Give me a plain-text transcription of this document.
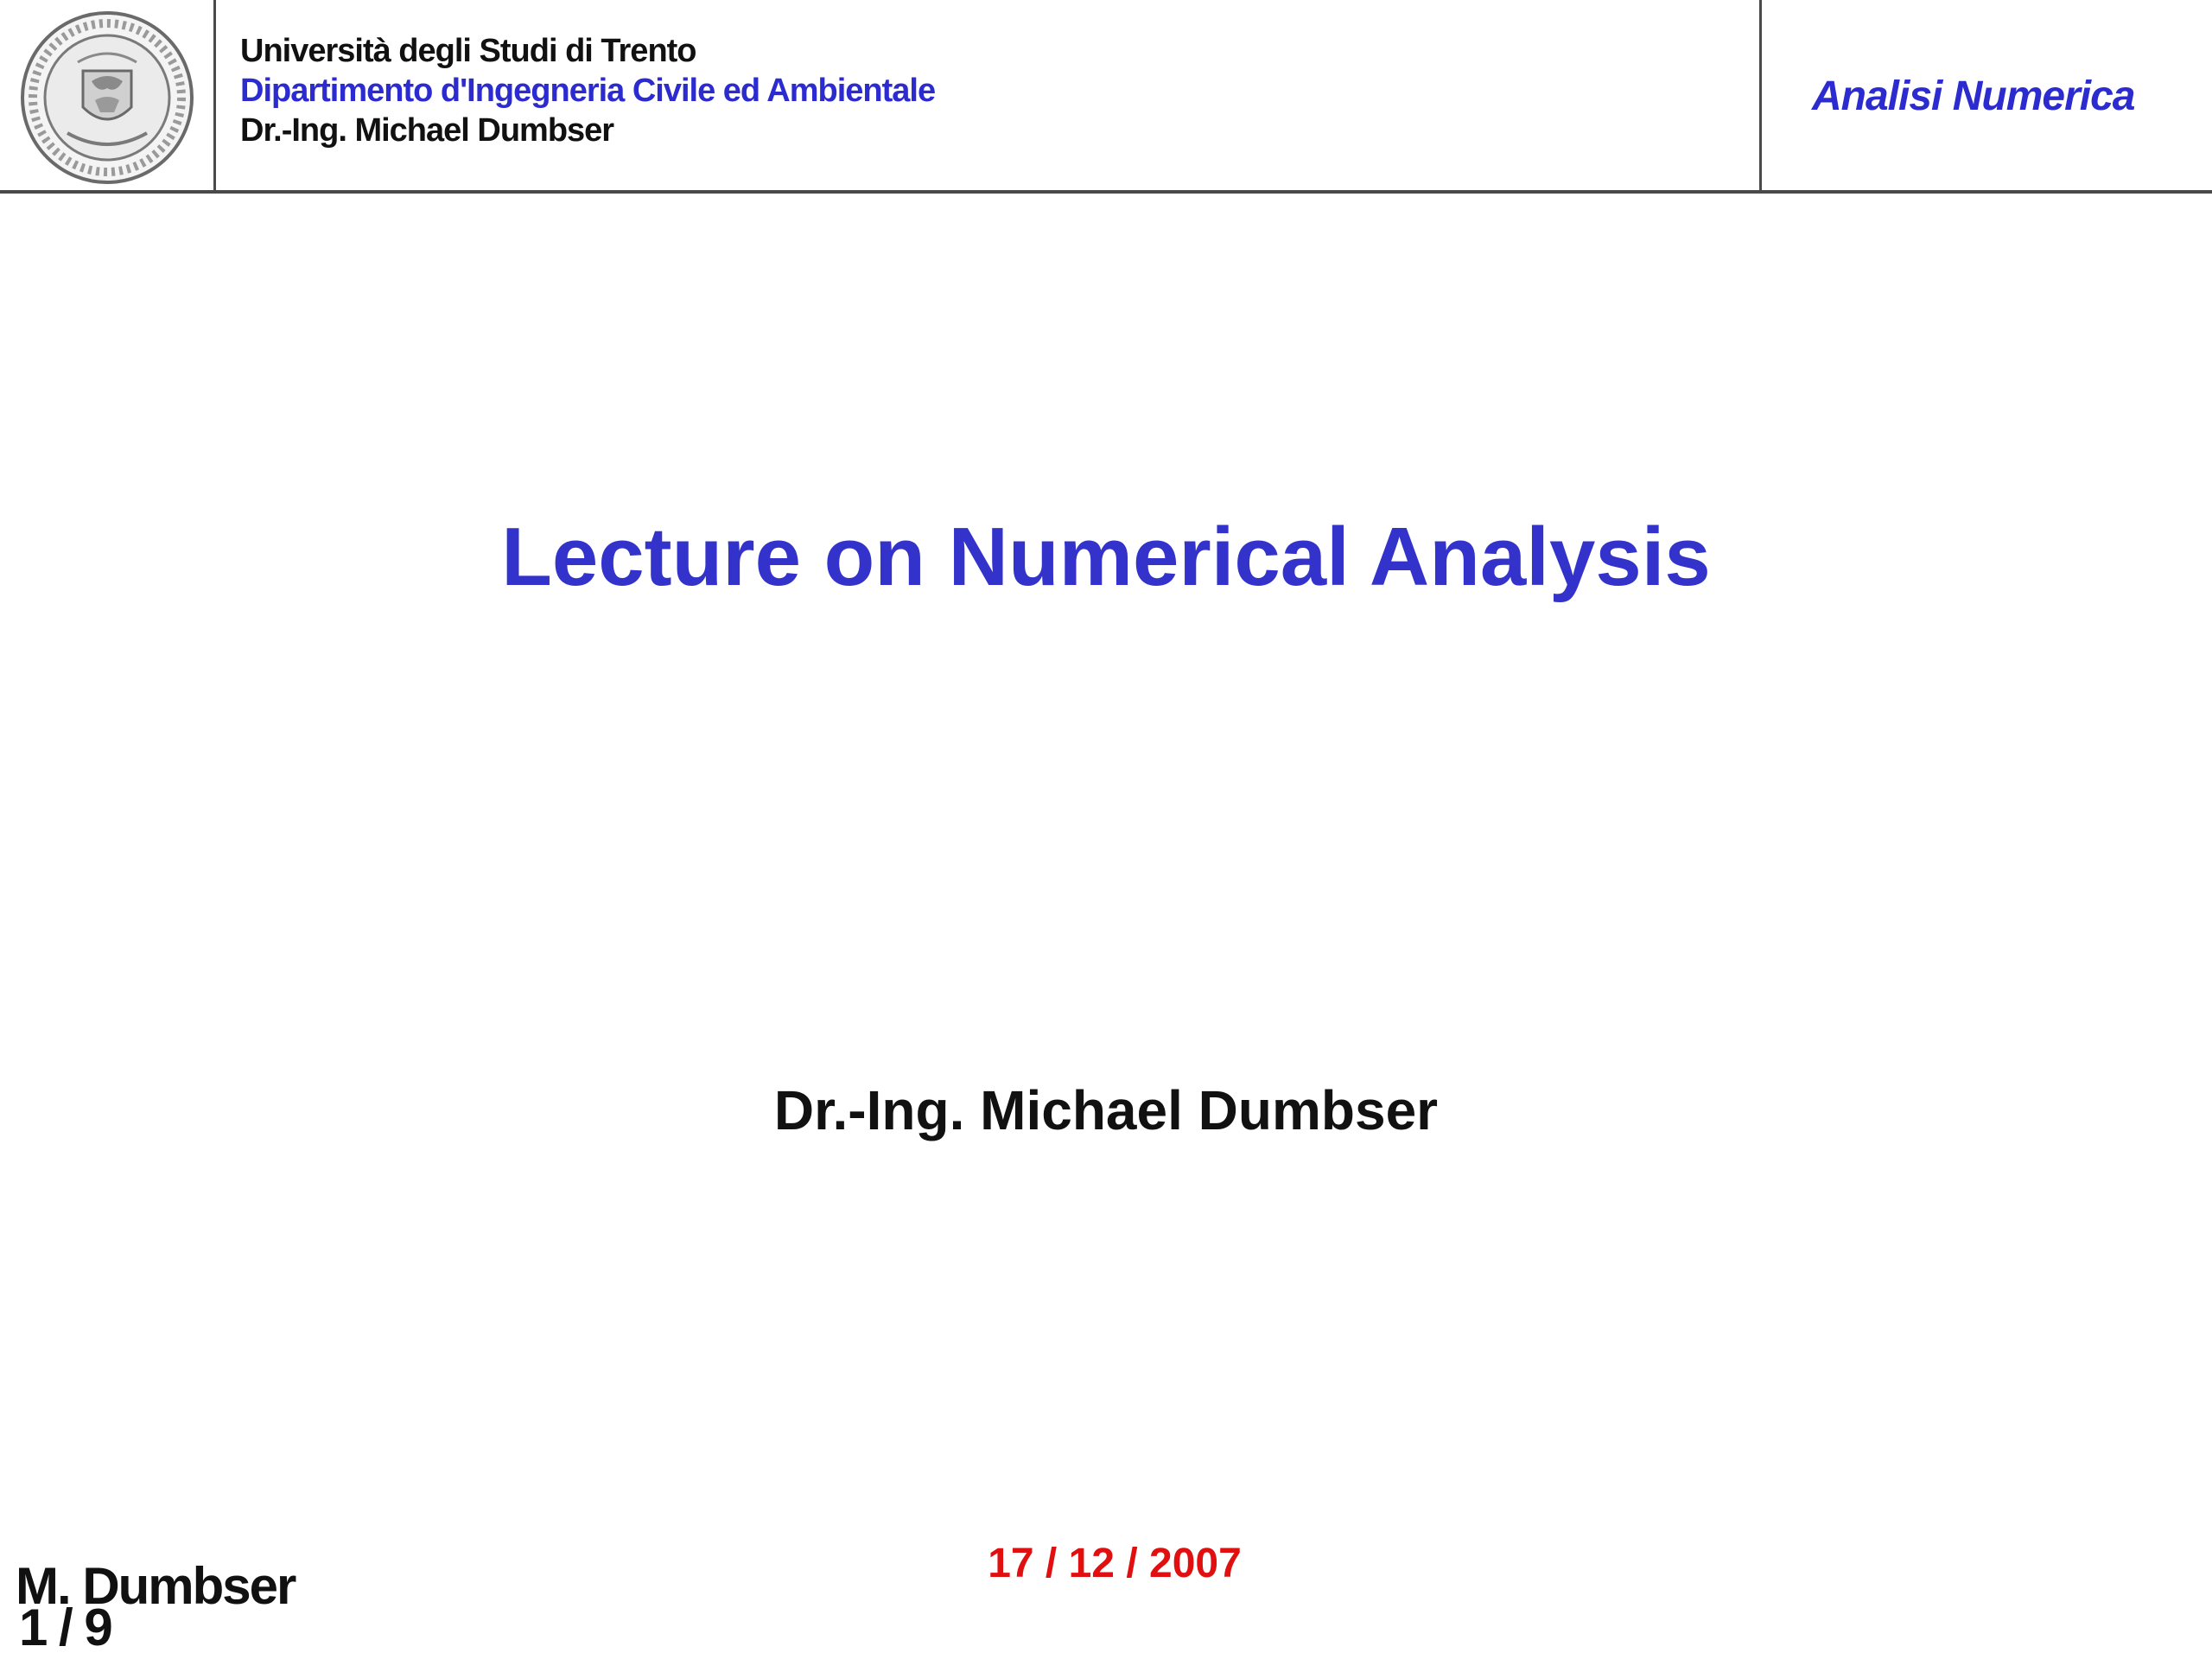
Università degli Studi di Trento
Dipartimento d'Ingegneria Civile ed Ambientale
Dr.-Ing. Michael Dumbser
Analisi Numerica
Lecture on Numerical Analysis
Dr.-Ing. Michael Dumbser
17 / 12 / 2007
M. Dumbser
1 / 9
